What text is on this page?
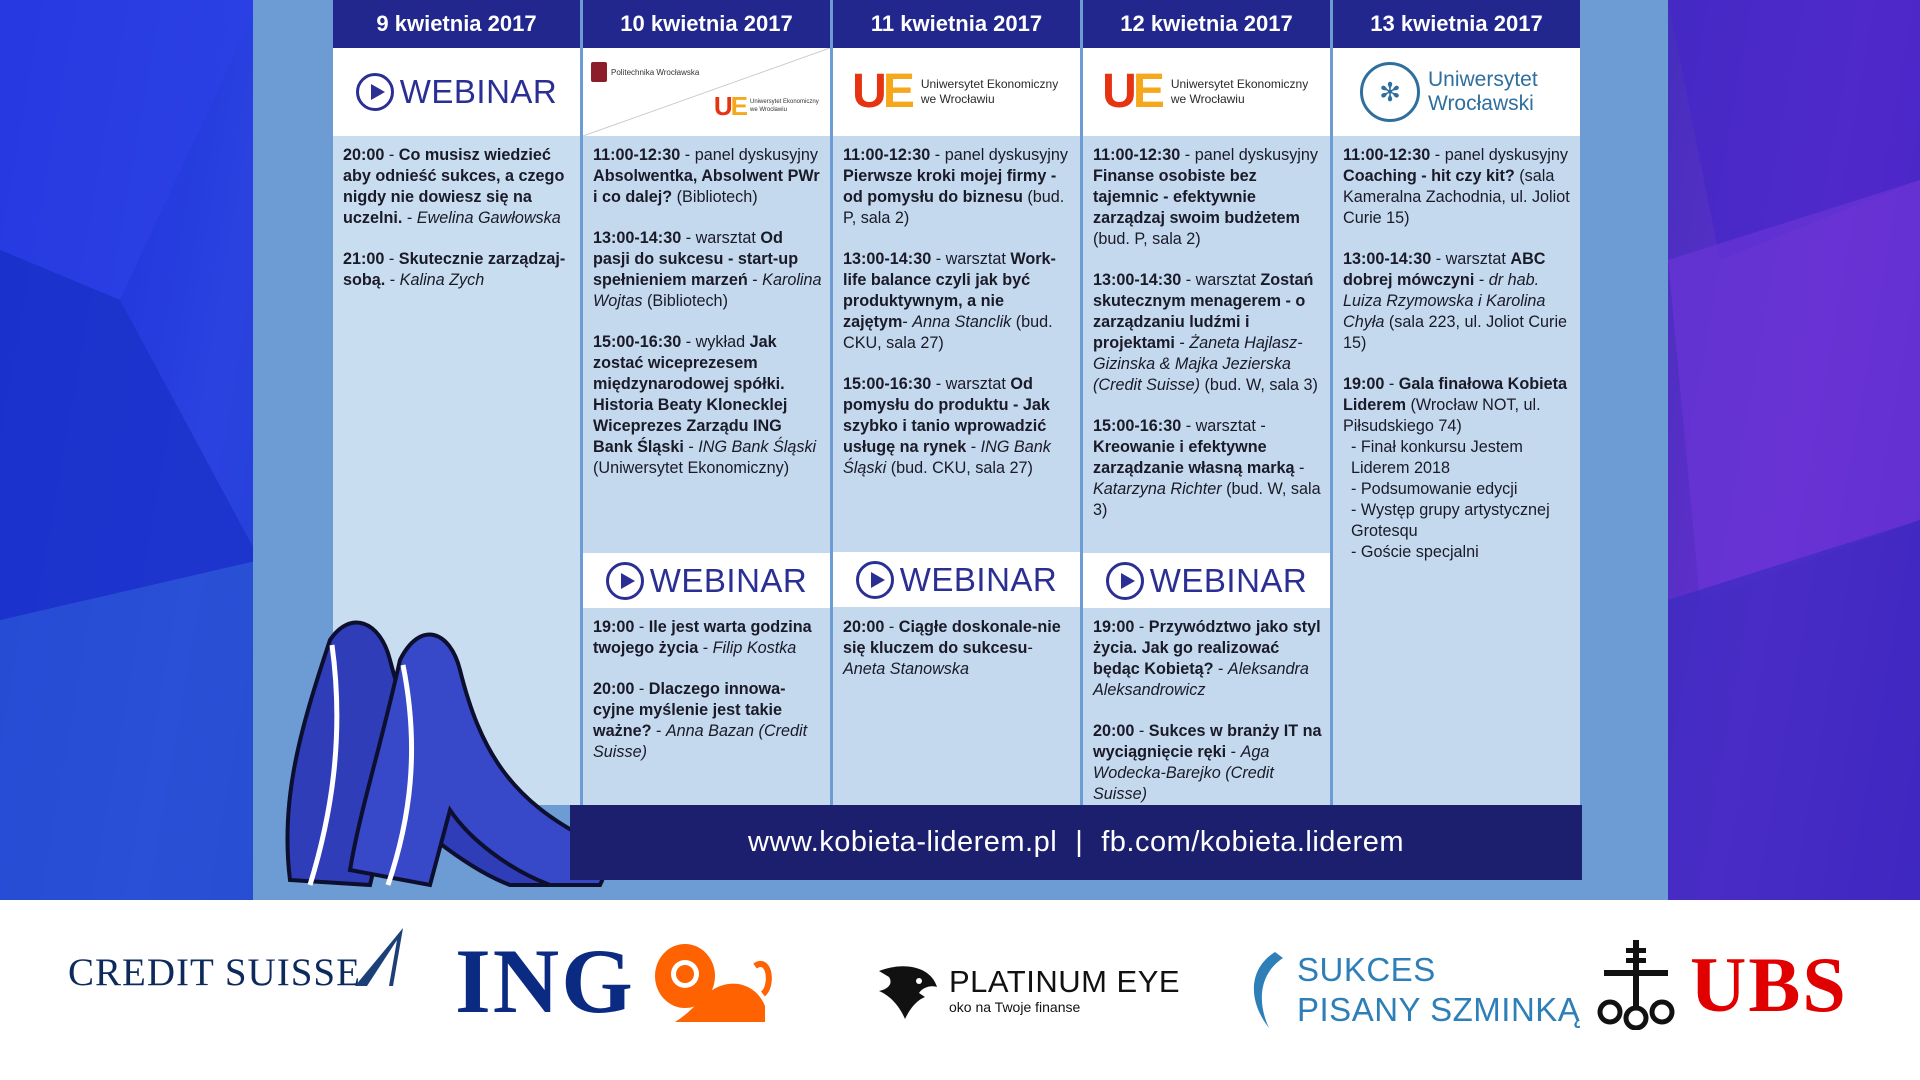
9 kwietnia 2017
WEBINAR
20:00 - Co musisz wiedzieć aby odnieść sukces, a czego nigdy nie dowiesz się na uczelni. - Ewelina Gawłowska
21:00 - Skutecznie zarządzaj- sobą. - Kalina Zych
10 kwietnia 2017
Politechnika Wrocławska
UE Uniwersytet Ekonomiczny we Wrocławiu
11:00-12:30 - panel dyskusyjny Absolwentka, Absolwent PWr i co dalej? (Bibliotech)
13:00-14:30 - warsztat Od pasji do sukcesu - start-up spełnieniem marzeń - Karolina Wojtas (Bibliotech)
15:00-16:30 - wykład Jak zostać wiceprezesem międzynarodowej spółki. Historia Beaty Klonecklej Wiceprezes Zarządu ING Bank Śląski - ING Bank Śląski (Uniwersytet Ekonomiczny)
WEBINAR
19:00 - Ile jest warta godzina twojego życia - Filip Kostka
20:00 - Dlaczego innowa-cyjne myślenie jest takie ważne? - Anna Bazan (Credit Suisse)
11 kwietnia 2017
UE Uniwersytet Ekonomiczny we Wrocławiu
11:00-12:30 - panel dyskusyjny Pierwsze kroki mojej firmy - od pomysłu do biznesu (bud. P, sala 2)
13:00-14:30 - warsztat Work-life balance czyli jak być produktywnym, a nie zajętym- Anna Stanclik (bud. CKU, sala 27)
15:00-16:30 - warsztat Od pomysłu do produktu - Jak szybko i tanio wprowadzić usługę na rynek - ING Bank Śląski (bud. CKU, sala 27)
WEBINAR
20:00 - Ciągłe doskonale-nie się kluczem do sukcesu- Aneta Stanowska
12 kwietnia 2017
UE Uniwersytet Ekonomiczny we Wrocławiu
11:00-12:30 - panel dyskusyjny Finanse osobiste bez tajemnic - efektywnie zarządzaj swoim budżetem (bud. P, sala 2)
13:00-14:30 - warsztat Zostań skutecznym menagerem - o zarządzaniu ludźmi i projektami - Żaneta Hajlasz-Gizinska & Majka Jezierska (Credit Suisse) (bud. W, sala 3)
15:00-16:30 - warsztat - Kreowanie i efektywne zarządzanie własną marką - Katarzyna Richter (bud. W, sala 3)
WEBINAR
19:00 - Przywództwo jako styl życia. Jak go realizować będąc Kobietą? - Aleksandra Aleksandrowicz
20:00 - Sukces w branży IT na wyciągnięcie ręki - Aga Wodecka-Barejko (Credit Suisse)
13 kwietnia 2017
✻	Uniwersytet Wrocławski
11:00-12:30 - panel dyskusyjny Coaching - hit czy kit? (sala Kameralna Zachodnia, ul. Joliot Curie 15)
13:00-14:30 - warsztat ABC dobrej mówczyni - dr hab. Luiza Rzymowska i Karolina Chyła (sala 223, ul. Joliot Curie 15)
19:00 - Gala finałowa Kobieta Liderem (Wrocław NOT, ul. Piłsudskiego 74)
- Finał konkursu Jestem Liderem 2018
- Podsumowanie edycji
- Występ grupy artystycznej Grotesqu
- Goście specjalni
www.kobieta-liderem.pl | fb.com/kobieta.liderem
CREDIT SUISSE ING	PLATINUM EYE
oko na Twoje finanse
SUKCES
PISANY SZMINKĄ UBS
